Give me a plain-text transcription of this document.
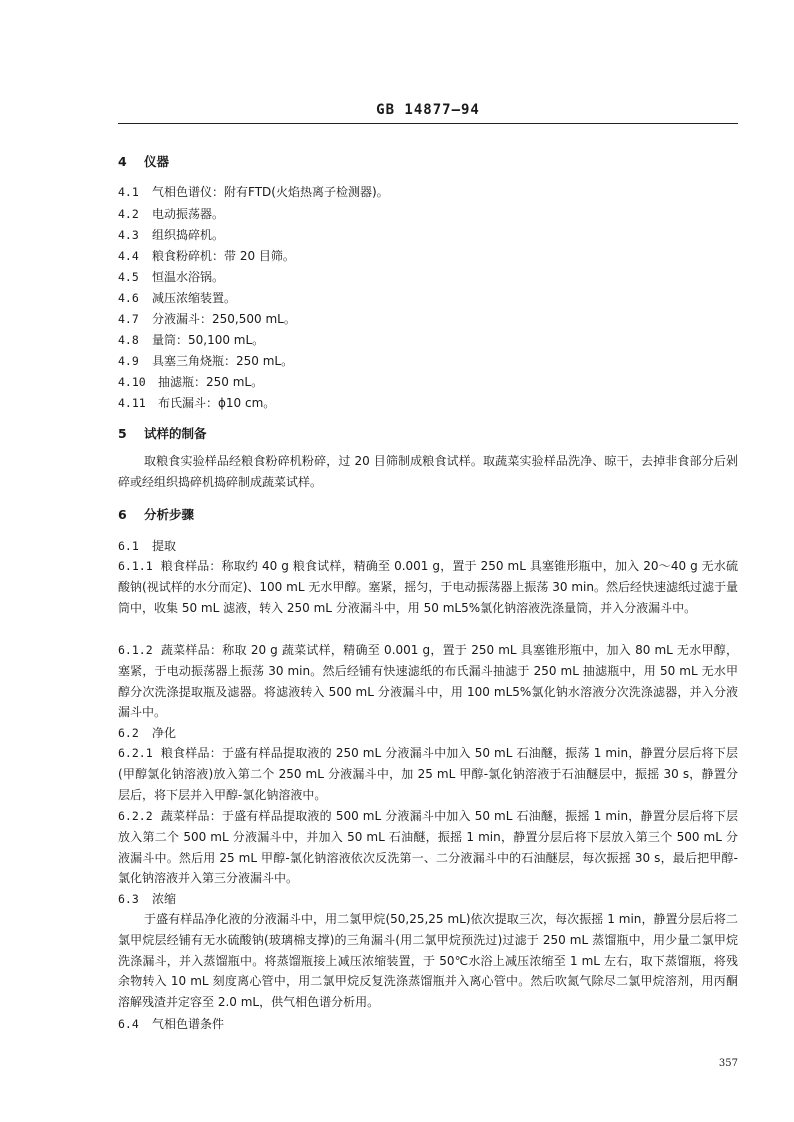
GB 14877—94
4 仪器
4.1 气相色谱仪：附有FTD(火焰热离子检测器)。
4.2 电动振荡器。
4.3 组织捣碎机。
4.4 粮食粉碎机：带 20 目筛。
4.5 恒温水浴锅。
4.6 减压浓缩装置。
4.7 分液漏斗：250,500 mL。
4.8 量筒：50,100 mL。
4.9 具塞三角烧瓶：250 mL。
4.10 抽滤瓶：250 mL。
4.11 布氏漏斗：ϕ10 cm。
5 试样的制备
取粮食实验样品经粮食粉碎机粉碎，过 20 目筛制成粮食试样。取蔬菜实验样品洗净、晾干，去掉非食部分后剁碎或经组织捣碎机捣碎制成蔬菜试样。
6 分析步骤
6.1 提取
6.1.1 粮食样品：称取约 40 g 粮食试样，精确至 0.001 g，置于 250 mL 具塞锥形瓶中，加入 20～40 g 无水硫酸钠(视试样的水分而定)、100 mL 无水甲醇。塞紧，摇匀，于电动振荡器上振荡 30 min。然后经快速滤纸过滤于量筒中，收集 50 mL 滤液，转入 250 mL 分液漏斗中，用 50 mL5%氯化钠溶液洗涤量筒，并入分液漏斗中。
6.1.2 蔬菜样品：称取 20 g 蔬菜试样，精确至 0.001 g，置于 250 mL 具塞锥形瓶中，加入 80 mL 无水甲醇，塞紧，于电动振荡器上振荡 30 min。然后经铺有快速滤纸的布氏漏斗抽滤于 250 mL 抽滤瓶中，用 50 mL 无水甲醇分次洗涤提取瓶及滤器。将滤液转入 500 mL 分液漏斗中，用 100 mL5%氯化钠水溶液分次洗涤滤器，并入分液漏斗中。
6.2 净化
6.2.1 粮食样品：于盛有样品提取液的 250 mL 分液漏斗中加入 50 mL 石油醚，振荡 1 min，静置分层后将下层(甲醇氯化钠溶液)放入第二个 250 mL 分液漏斗中，加 25 mL 甲醇-氯化钠溶液于石油醚层中，振摇 30 s，静置分层后，将下层并入甲醇-氯化钠溶液中。
6.2.2 蔬菜样品：于盛有样品提取液的 500 mL 分液漏斗中加入 50 mL 石油醚，振摇 1 min，静置分层后将下层放入第二个 500 mL 分液漏斗中，并加入 50 mL 石油醚，振摇 1 min，静置分层后将下层放入第三个 500 mL 分液漏斗中。然后用 25 mL 甲醇-氯化钠溶液依次反洗第一、二分液漏斗中的石油醚层，每次振摇 30 s，最后把甲醇-氯化钠溶液并入第三分液漏斗中。
6.3 浓缩
于盛有样品净化液的分液漏斗中，用二氯甲烷(50,25,25 mL)依次提取三次，每次振摇 1 min，静置分层后将二氯甲烷层经铺有无水硫酸钠(玻璃棉支撑)的三角漏斗(用二氯甲烷预洗过)过滤于 250 mL 蒸馏瓶中，用少量二氯甲烷洗涤漏斗，并入蒸馏瓶中。将蒸馏瓶接上减压浓缩装置，于 50℃水浴上减压浓缩至 1 mL 左右，取下蒸馏瓶，将残余物转入 10 mL 刻度离心管中，用二氯甲烷反复洗涤蒸馏瓶并入离心管中。然后吹氮气除尽二氯甲烷溶剂，用丙酮溶解残渣并定容至 2.0 mL，供气相色谱分析用。
6.4 气相色谱条件
357
